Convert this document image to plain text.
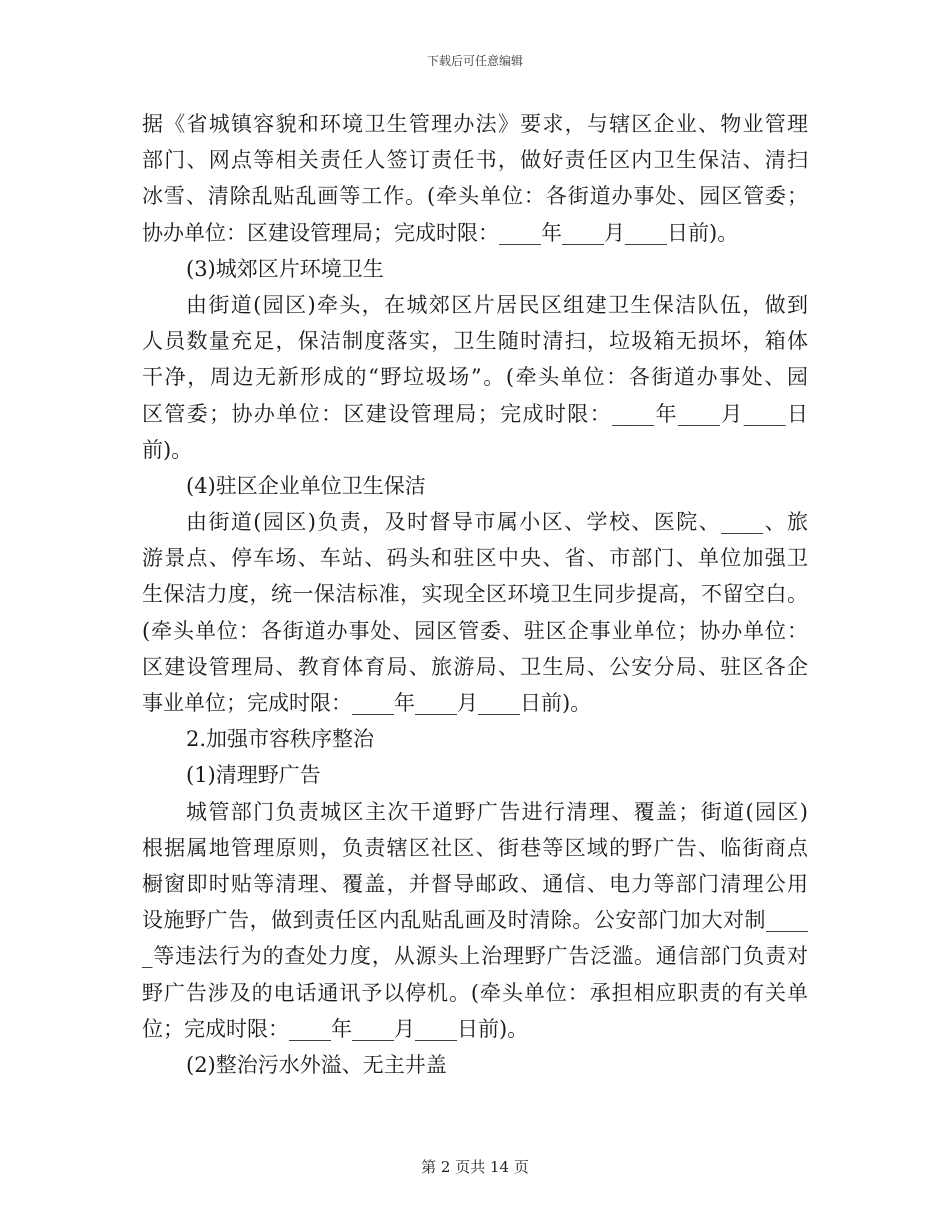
下载后可任意编辑
据《省城镇容貌和环境卫生管理办法》要求，与辖区企业、物业管理
部门、网点等相关责任人签订责任书，做好责任区内卫生保洁、清扫
冰雪、清除乱贴乱画等工作。(牵头单位：各街道办事处、园区管委；
协办单位：区建设管理局；完成时限：____年____月____日前)。
(3)城郊区片环境卫生
由街道(园区)牵头，在城郊区片居民区组建卫生保洁队伍，做到
人员数量充足，保洁制度落实，卫生随时清扫，垃圾箱无损坏，箱体
干净，周边无新形成的“野垃圾场”。(牵头单位：各街道办事处、园
区管委；协办单位：区建设管理局；完成时限：____年____月____日
前)。
(4)驻区企业单位卫生保洁
由街道(园区)负责，及时督导市属小区、学校、医院、____、旅
游景点、停车场、车站、码头和驻区中央、省、市部门、单位加强卫
生保洁力度，统一保洁标准，实现全区环境卫生同步提高，不留空白。
(牵头单位：各街道办事处、园区管委、驻区企事业单位；协办单位：
区建设管理局、教育体育局、旅游局、卫生局、公安分局、驻区各企
事业单位；完成时限：____年____月____日前)。
2.加强市容秩序整治
(1)清理野广告
城管部门负责城区主次干道野广告进行清理、覆盖；街道(园区)
根据属地管理原则，负责辖区社区、街巷等区域的野广告、临街商点
橱窗即时贴等清理、覆盖，并督导邮政、通信、电力等部门清理公用
设施野广告，做到责任区内乱贴乱画及时清除。公安部门加大对制____
_等违法行为的查处力度，从源头上治理野广告泛滥。通信部门负责对
野广告涉及的电话通讯予以停机。(牵头单位：承担相应职责的有关单
位；完成时限：____年____月____日前)。
(2)整治污水外溢、无主井盖
第 2 页共 14 页
